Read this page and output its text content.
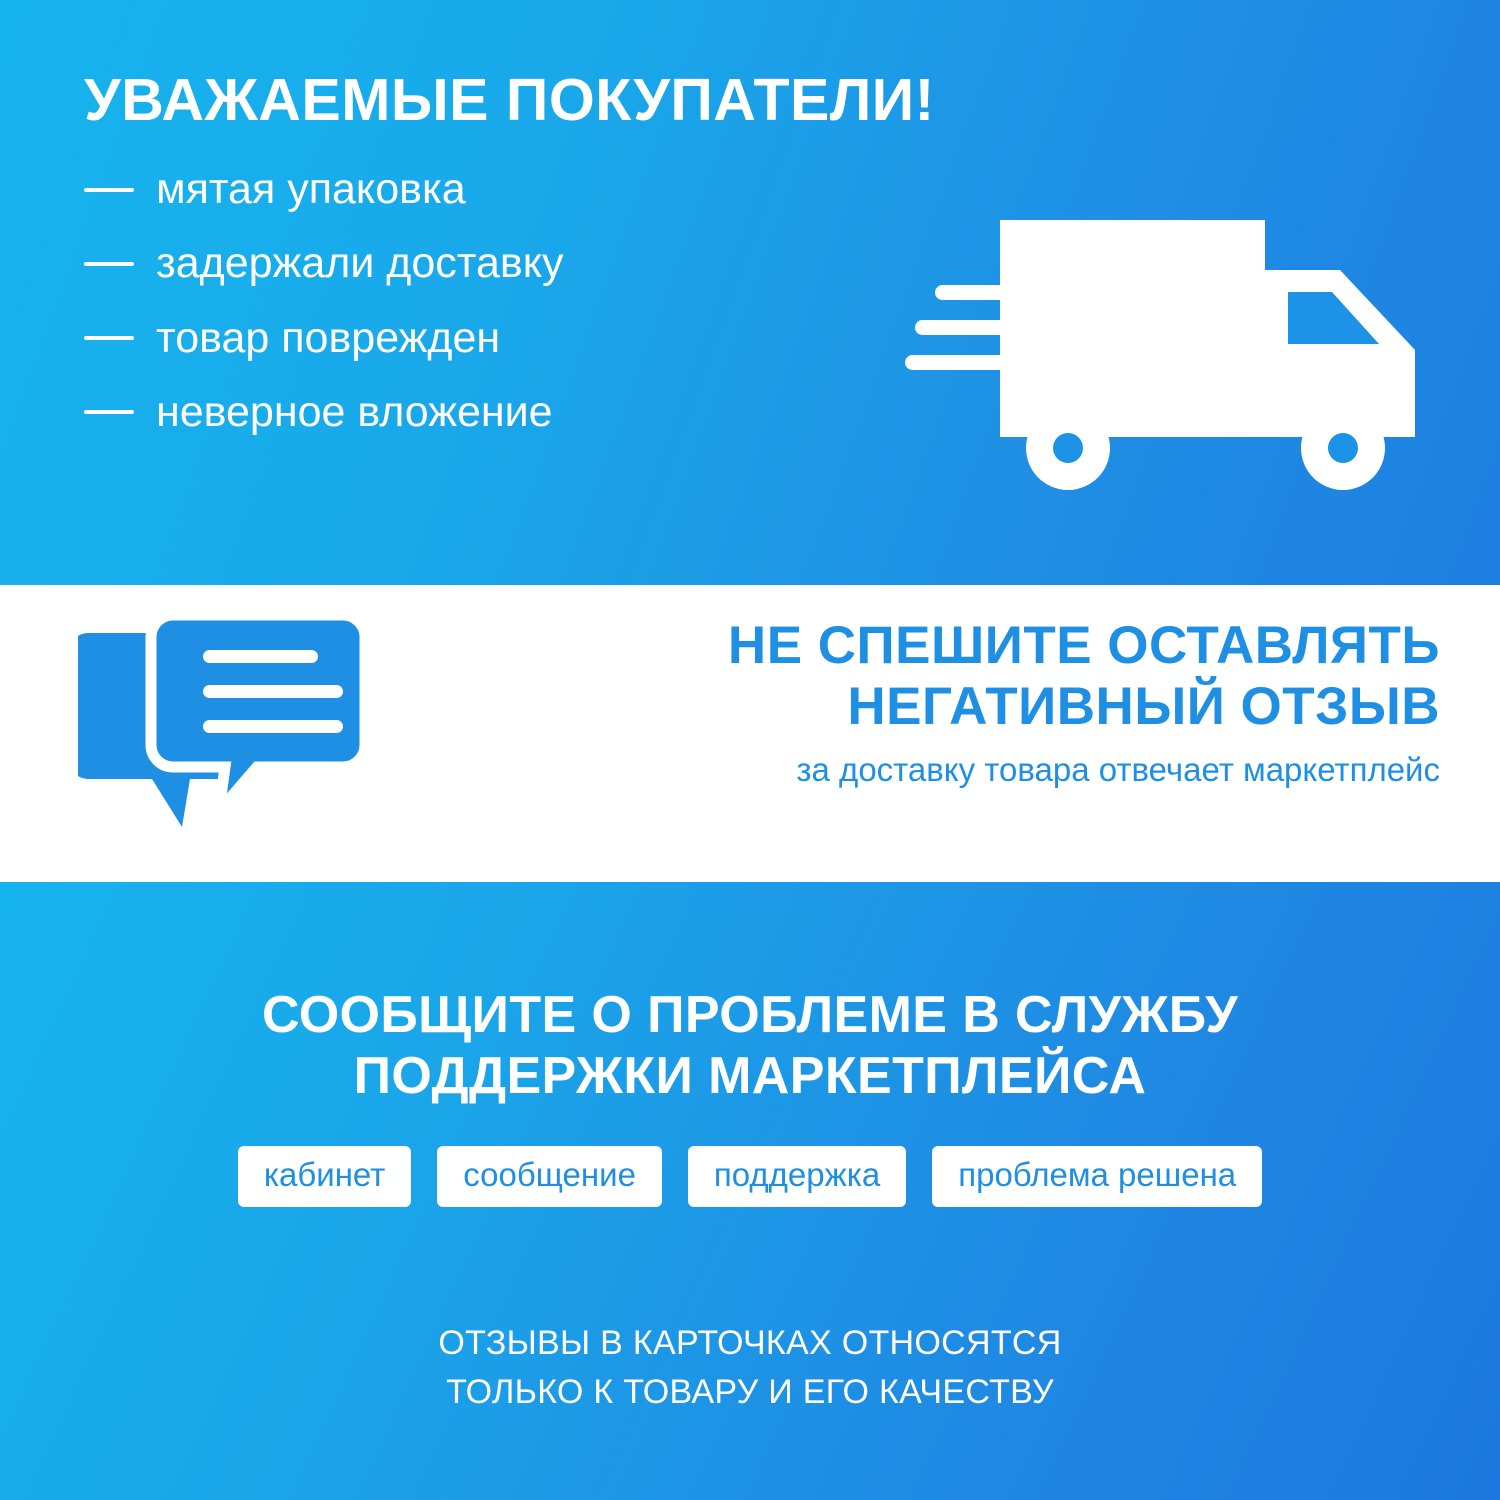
УВАЖАЕМЫЕ ПОКУПАТЕЛИ!
мятая упаковка
задержали доставку
товар поврежден
неверное вложение
НЕ СПЕШИТЕ ОСТАВЛЯТЬ
НЕГАТИВНЫЙ ОТЗЫВ

за доставку товара отвечает маркетплейс

СООБЩИТЕ О ПРОБЛЕМЕ В СЛУЖБУ
ПОДДЕРЖКИ МАРКЕТПЛЕЙСА
кабинет	сообщение	поддержка	проблема решена
ОТЗЫВЫ В КАРТОЧКАХ ОТНОСЯТСЯ
ТОЛЬКО К ТОВАРУ И ЕГО КАЧЕСТВУ
